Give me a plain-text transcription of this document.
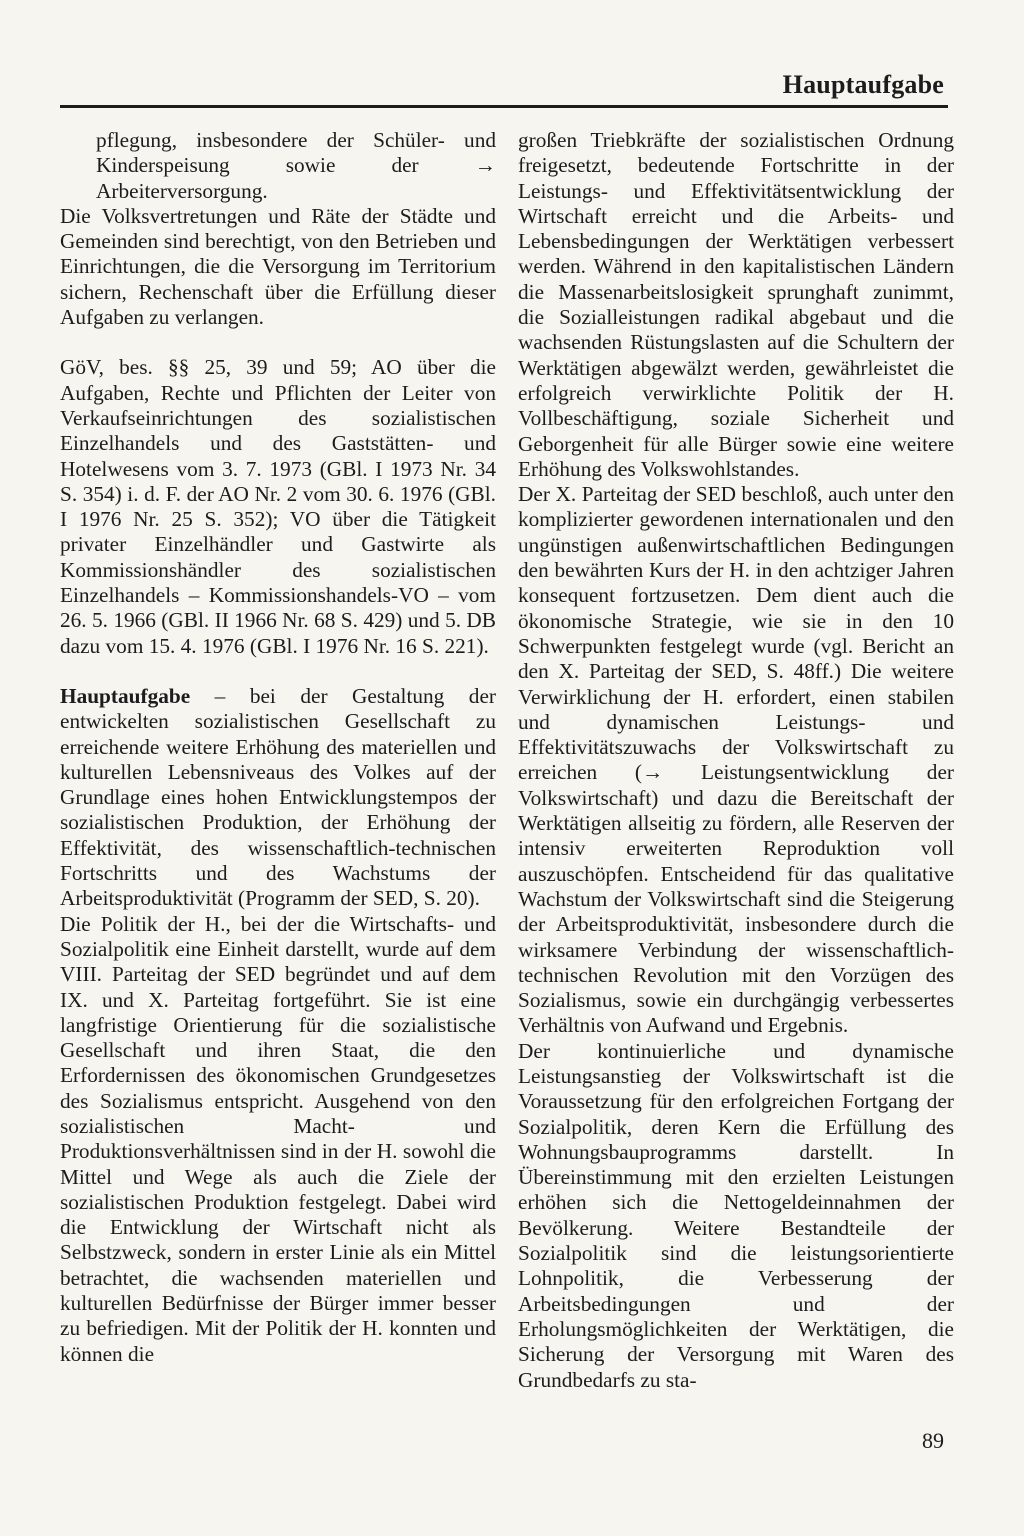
Hauptaufgabe

pflegung, insbesondere der Schüler- und Kinderspeisung sowie der → Arbeiterversorgung.

Die Volksvertretungen und Räte der Städte und Gemeinden sind berechtigt, von den Betrieben und Einrichtungen, die die Versorgung im Territorium sichern, Rechenschaft über die Erfüllung dieser Aufgaben zu verlangen.

GöV, bes. §§ 25, 39 und 59; AO über die Aufgaben, Rechte und Pflichten der Leiter von Verkaufseinrichtungen des sozialistischen Einzelhandels und des Gaststätten- und Hotelwesens vom 3. 7. 1973 (GBl. I 1973 Nr. 34 S. 354) i. d. F. der AO Nr. 2 vom 30. 6. 1976 (GBl. I 1976 Nr. 25 S. 352); VO über die Tätigkeit privater Einzelhändler und Gastwirte als Kommissionshändler des sozialistischen Einzelhandels – Kommissionshandels-VO – vom 26. 5. 1966 (GBl. II 1966 Nr. 68 S. 429) und 5. DB dazu vom 15. 4. 1976 (GBl. I 1976 Nr. 16 S. 221).

Hauptaufgabe – bei der Gestaltung der entwickelten sozialistischen Gesellschaft zu erreichende weitere Erhöhung des materiellen und kulturellen Lebensniveaus des Volkes auf der Grundlage eines hohen Entwicklungstempos der sozialistischen Produktion, der Erhöhung der Effektivität, des wissenschaftlich-technischen Fortschritts und des Wachstums der Arbeitsproduktivität (Programm der SED, S. 20).

Die Politik der H., bei der die Wirtschafts- und Sozialpolitik eine Einheit darstellt, wurde auf dem VIII. Parteitag der SED begründet und auf dem IX. und X. Parteitag fortgeführt. Sie ist eine langfristige Orientierung für die sozialistische Gesellschaft und ihren Staat, die den Erfordernissen des ökonomischen Grundgesetzes des Sozialismus entspricht. Ausgehend von den sozialistischen Macht- und Produktionsverhältnissen sind in der H. sowohl die Mittel und Wege als auch die Ziele der sozialistischen Produktion festgelegt. Dabei wird die Entwicklung der Wirtschaft nicht als Selbstzweck, sondern in erster Linie als ein Mittel betrachtet, die wachsenden materiellen und kulturellen Bedürfnisse der Bürger immer besser zu befriedigen. Mit der Politik der H. konnten und können die

großen Triebkräfte der sozialistischen Ordnung freigesetzt, bedeutende Fortschritte in der Leistungs- und Effektivitätsentwicklung der Wirtschaft erreicht und die Arbeits- und Lebensbedingungen der Werktätigen verbessert werden. Während in den kapitalistischen Ländern die Massenarbeitslosigkeit sprunghaft zunimmt, die Sozialleistungen radikal abgebaut und die wachsenden Rüstungslasten auf die Schultern der Werktätigen abgewälzt werden, gewährleistet die erfolgreich verwirklichte Politik der H. Vollbeschäftigung, soziale Sicherheit und Geborgenheit für alle Bürger sowie eine weitere Erhöhung des Volkswohlstandes.

Der X. Parteitag der SED beschloß, auch unter den komplizierter gewordenen internationalen und den ungünstigen außenwirtschaftlichen Bedingungen den bewährten Kurs der H. in den achtziger Jahren konsequent fortzusetzen. Dem dient auch die ökonomische Strategie, wie sie in den 10 Schwerpunkten festgelegt wurde (vgl. Bericht an den X. Parteitag der SED, S. 48ff.) Die weitere Verwirklichung der H. erfordert, einen stabilen und dynamischen Leistungs- und Effektivitätszuwachs der Volkswirtschaft zu erreichen (→ Leistungsentwicklung der Volkswirtschaft) und dazu die Bereitschaft der Werktätigen allseitig zu fördern, alle Reserven der intensiv erweiterten Reproduktion voll auszuschöpfen. Entscheidend für das qualitative Wachstum der Volkswirtschaft sind die Steigerung der Arbeitsproduktivität, insbesondere durch die wirksamere Verbindung der wissenschaftlich-technischen Revolution mit den Vorzügen des Sozialismus, sowie ein durchgängig verbessertes Verhältnis von Aufwand und Ergebnis.

Der kontinuierliche und dynamische Leistungsanstieg der Volkswirtschaft ist die Voraussetzung für den erfolgreichen Fortgang der Sozialpolitik, deren Kern die Erfüllung des Wohnungsbauprogramms darstellt. In Übereinstimmung mit den erzielten Leistungen erhöhen sich die Nettogeldeinnahmen der Bevölkerung. Weitere Bestandteile der Sozialpolitik sind die leistungsorientierte Lohnpolitik, die Verbesserung der Arbeitsbedingungen und der Erholungsmöglichkeiten der Werktätigen, die Sicherung der Versorgung mit Waren des Grundbedarfs zu sta-

89
